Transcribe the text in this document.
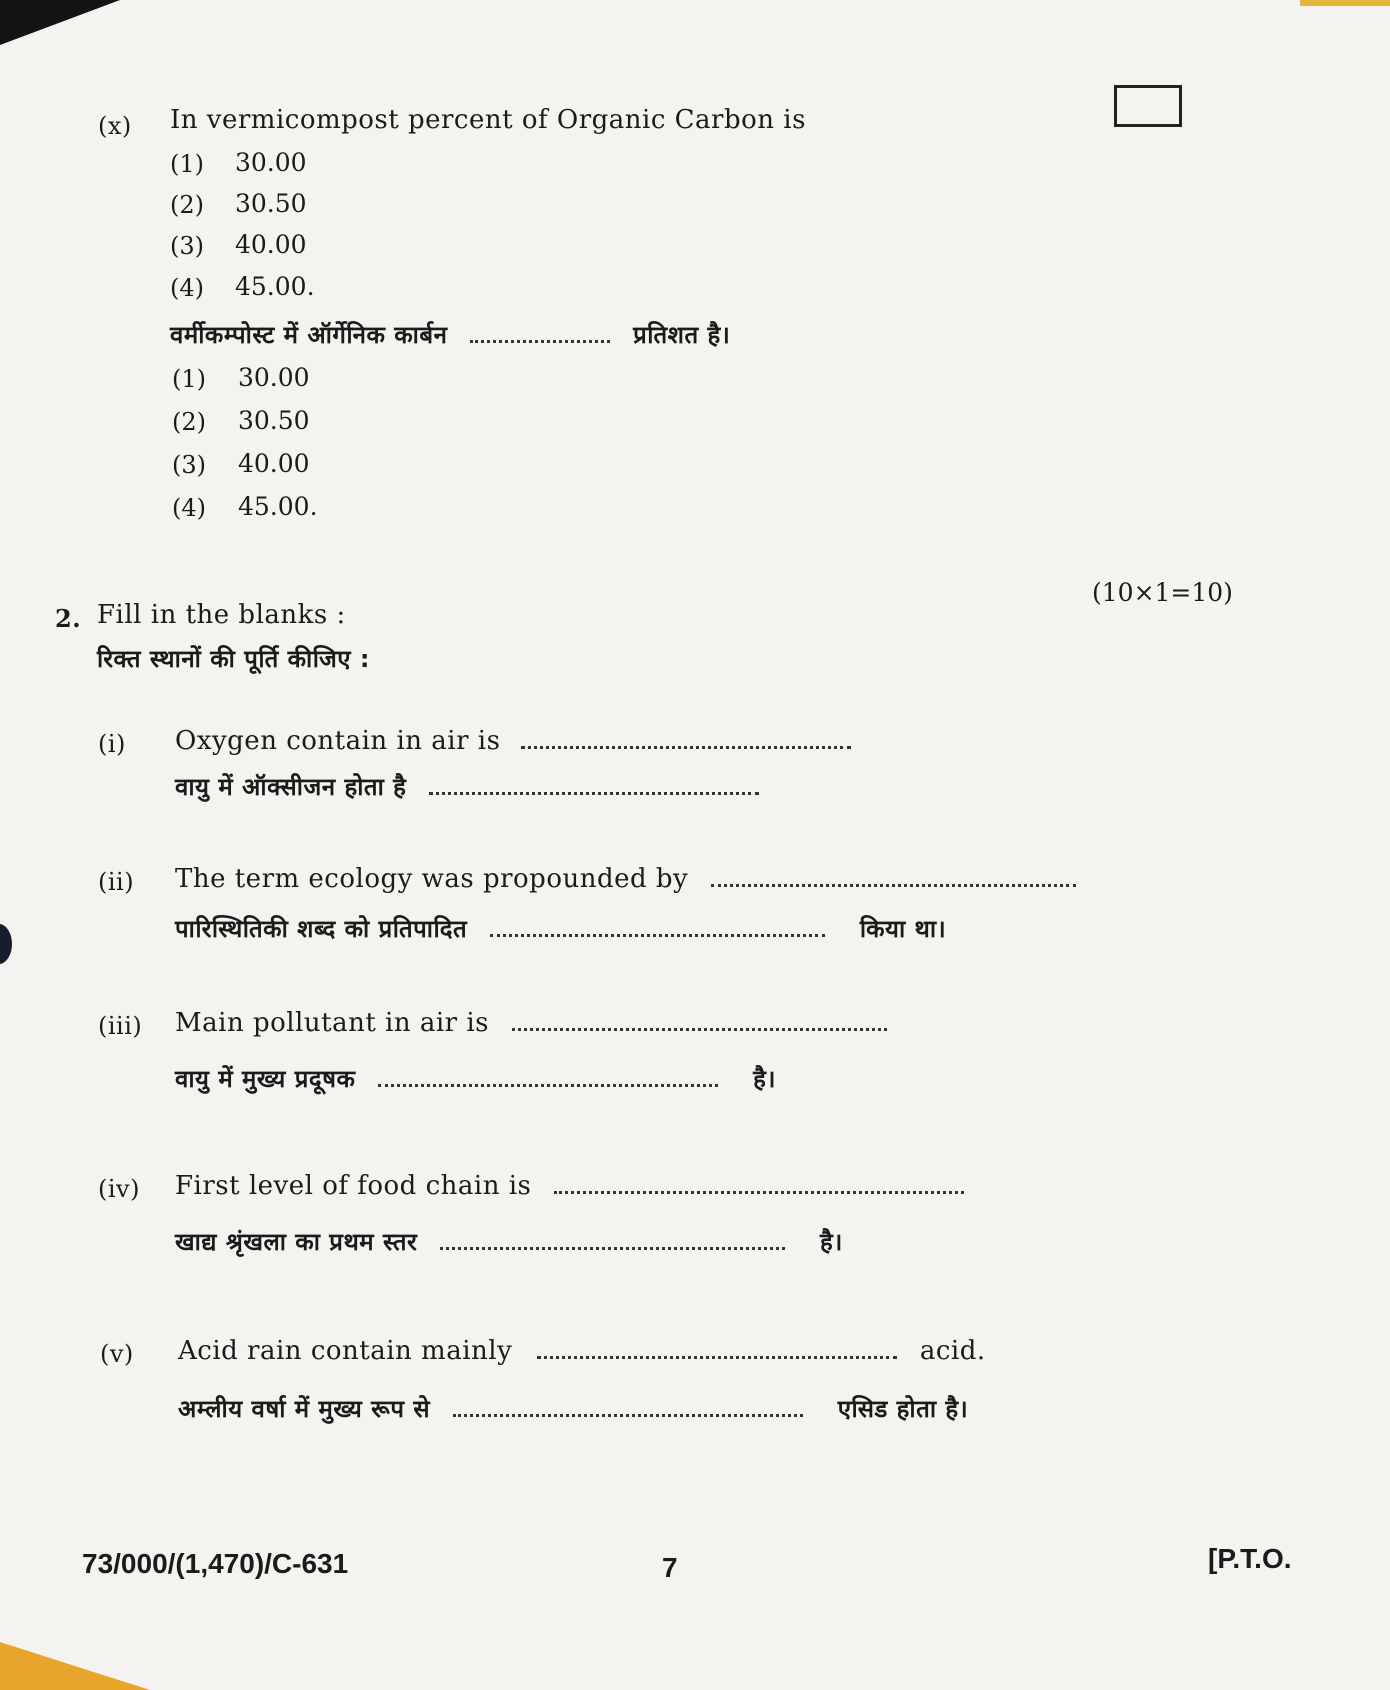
(x) In vermicompost percent of Organic Carbon is
(1) 30.00
(2) 30.50
(3) 40.00
(4) 45.00.
वर्मीकम्पोस्ट में ऑर्गेनिक कार्बन	प्रतिशत है।
(1) 30.00
(2) 30.50
(3) 40.00
(4) 45.00.
(10×1=10)
2. Fill in the blanks :
रिक्त स्थानों की पूर्ति कीजिए :
(i) Oxygen contain in air is
वायु में ऑक्सीजन होता है
(ii) The term ecology was propounded by
पारिस्थितिकी शब्द को प्रतिपादित	किया था।
(iii) Main pollutant in air is
वायु में मुख्य प्रदूषक	है।
(iv) First level of food chain is
खाद्य श्रृंखला का प्रथम स्तर	है।
(v) Acid rain contain mainly	acid.
अम्लीय वर्षा में मुख्य रूप से	एसिड होता है।
73/000/(1,470)/C-631	7	[P.T.O.
